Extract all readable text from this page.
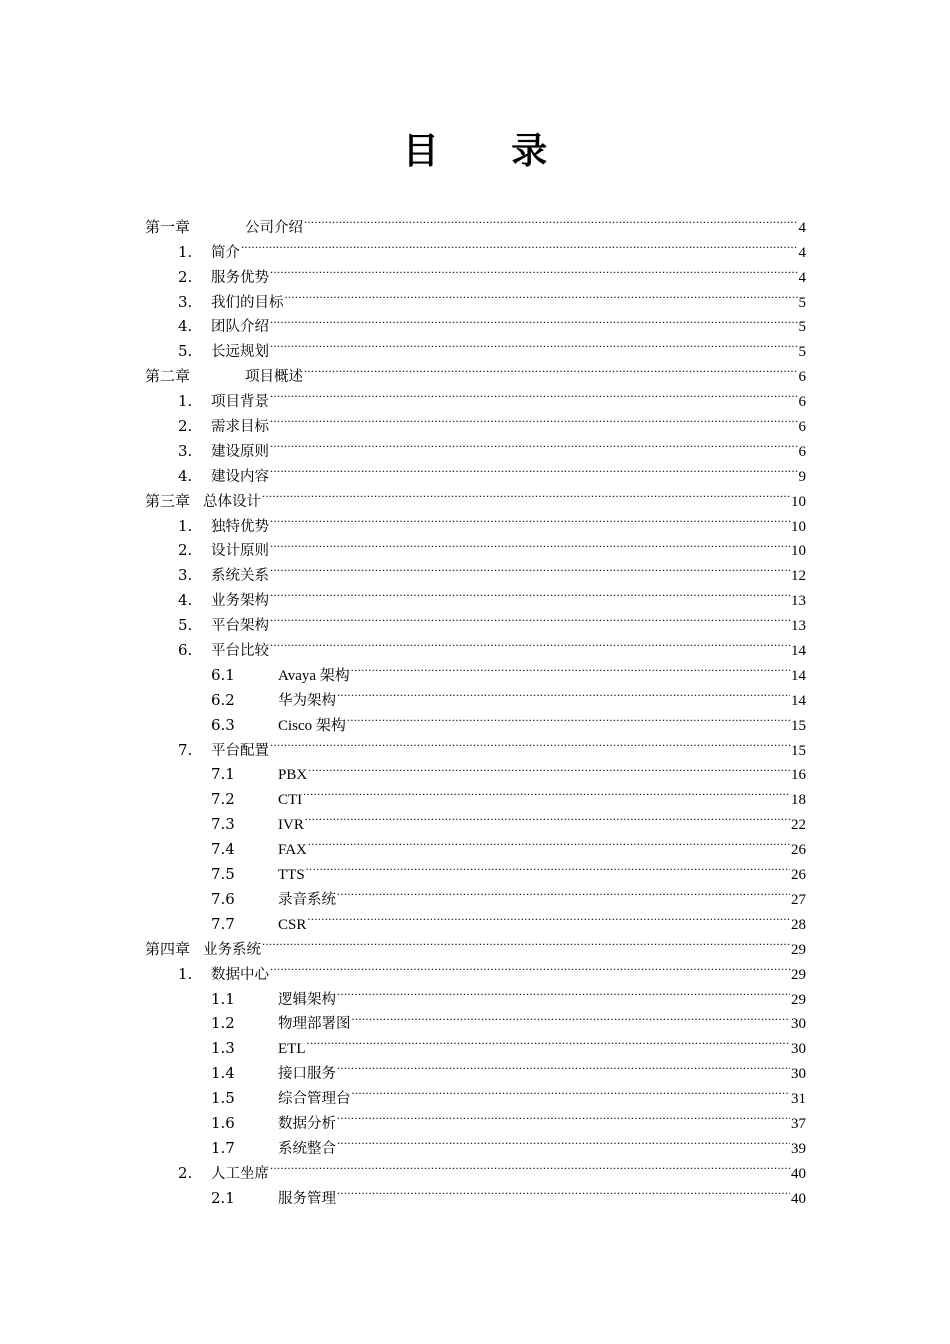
目 录
第一章	公司介绍 .....	4
1.	简介 .....	4
2.	服务优势 .....	4
3.	我们的目标 .....	5
4.	团队介绍 .....	5
5.	长远规划 .....	5
第二章	项目概述 .....	6
1.	项目背景 .....	6
2.	需求目标 .....	6
3.	建设原则 .....	6
4.	建设内容 .....	9
第三章 总体设计 .....	10
1.	独特优势 .....	10
2.	设计原则 .....	10
3.	系统关系 .....	12
4.	业务架构 .....	13
5.	平台架构 .....	13
6.	平台比较 .....	14
6.1	Avaya 架构 .....	14
6.2	华为架构 .....	14
6.3	Cisco 架构 .....	15
7.	平台配置 .....	15
7.1	PBX .....	16
7.2	CTI .....	18
7.3	IVR .....	22
7.4	FAX .....	26
7.5	TTS .....	26
7.6	录音系统 .....	27
7.7	CSR .....	28
第四章 业务系统 .....	29
1.	数据中心 .....	29
1.1	逻辑架构 .....	29
1.2	物理部署图 .....	30
1.3	ETL .....	30
1.4	接口服务 .....	30
1.5	综合管理台 .....	31
1.6	数据分析 .....	37
1.7	系统整合 .....	39
2.	人工坐席 .....	40
2.1	服务管理 .....	40
